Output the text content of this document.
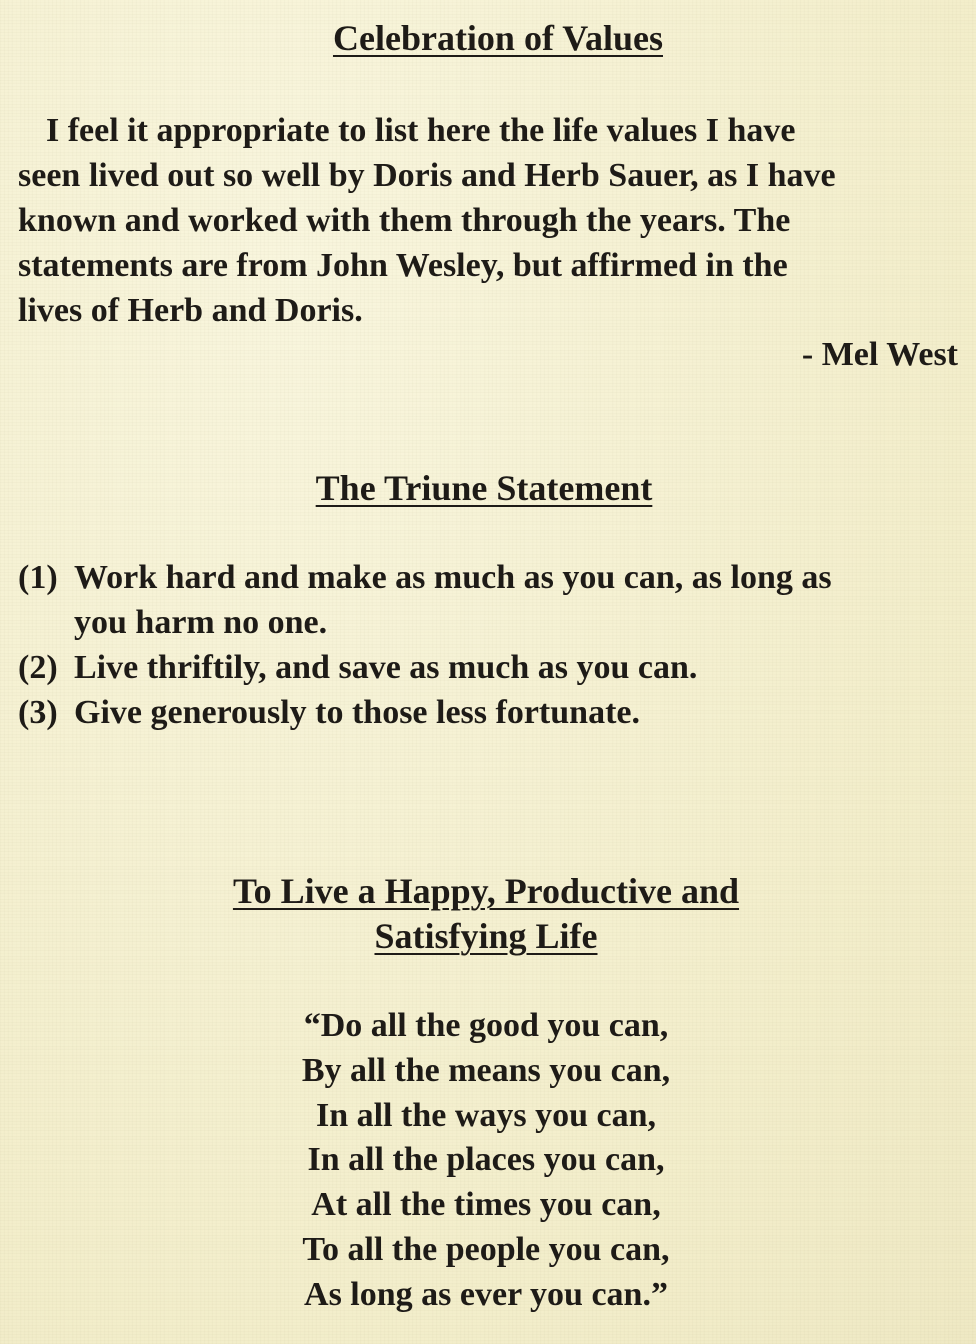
Celebration of Values

I feel it appropriate to list here the life values I have
seen lived out so well by Doris and Herb Sauer, as I have
known and worked with them through the years. The
statements are from John Wesley, but affirmed in the
lives of Herb and Doris.

- Mel West

The Triune Statement
(1) Work hard and make as much as you can, as long as
you harm no one.
(2) Live thriftily, and save as much as you can.
(3) Give generously to those less fortunate.
To Live a Happy, Productive and
Satisfying Life

“Do all the good you can,
By all the means you can,
In all the ways you can,
In all the places you can,
At all the times you can,
To all the people you can,
As long as ever you can.”
